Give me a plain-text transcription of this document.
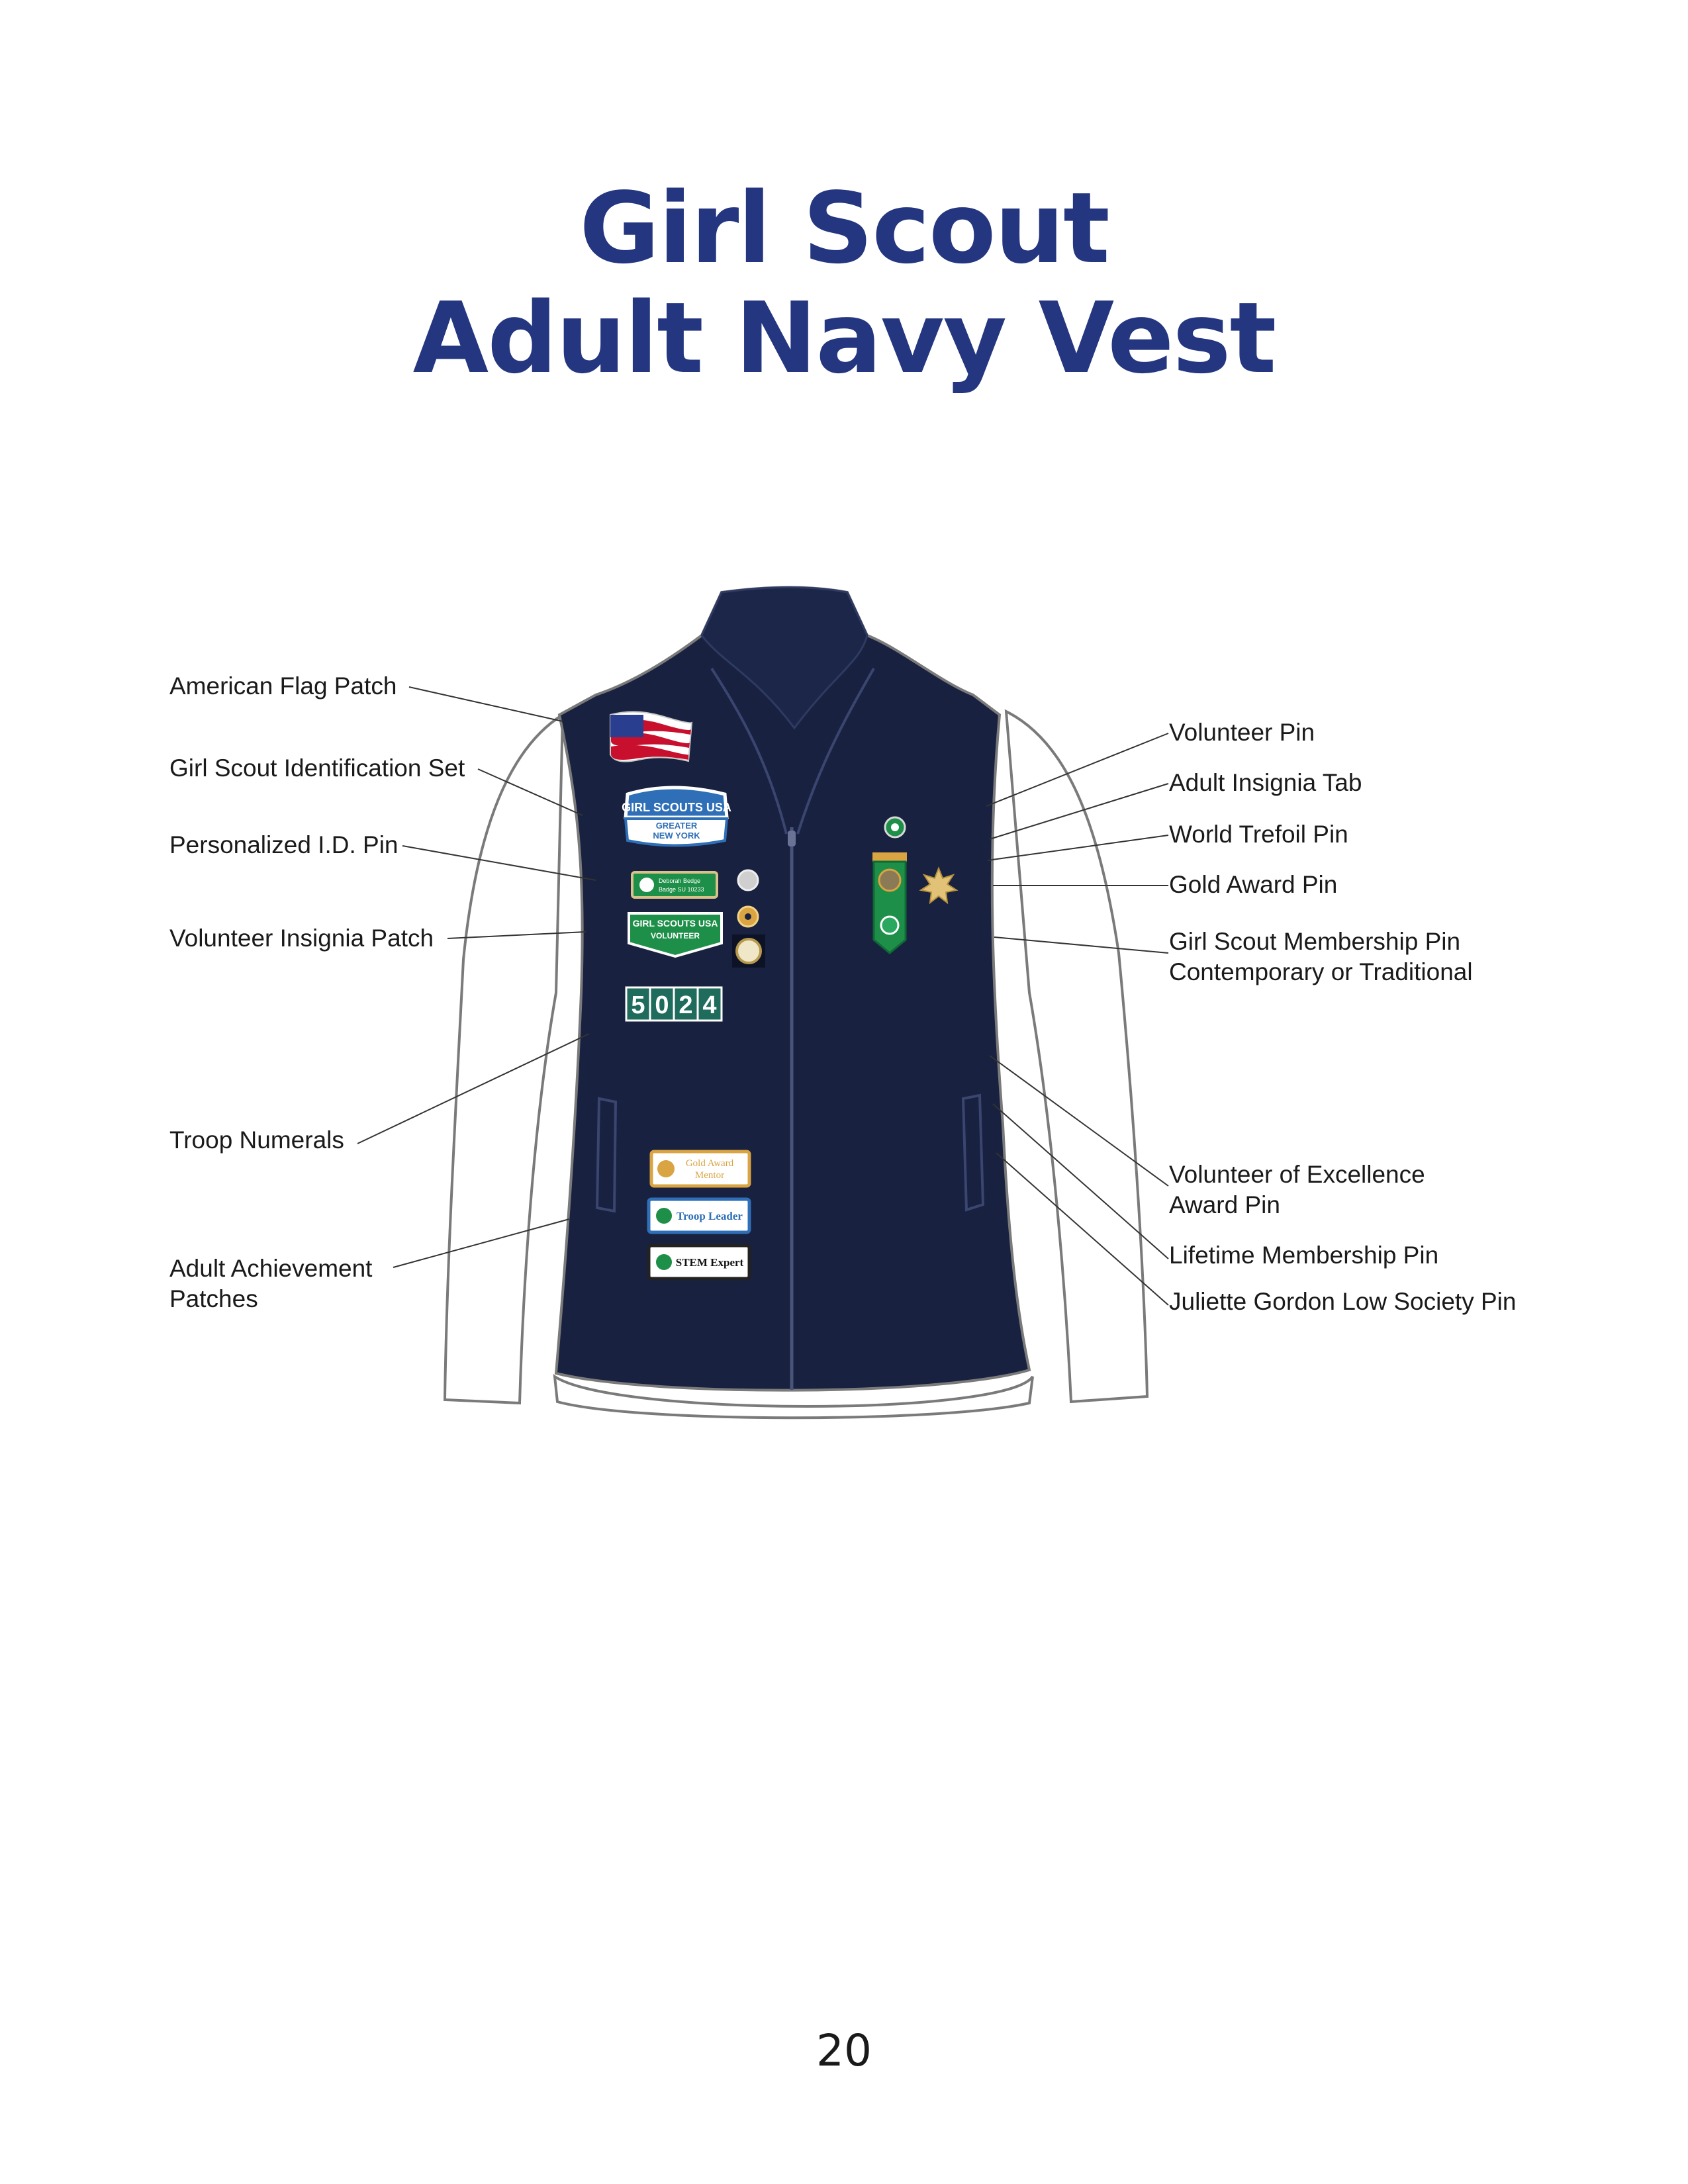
Girl Scout
Adult Navy Vest
GIRL SCOUTS USA
GREATER
NEW YORK
Deborah Bedge
Badge SU 10233
GIRL SCOUTS USA
VOLUNTEER
5 0 2 4
Gold Award
Mentor
Troop Leader
STEM Expert
American Flag Patch
Girl Scout Identification Set
Personalized I.D. Pin
Volunteer Insignia Patch
Troop Numerals
Adult Achievement
Patches
Volunteer Pin
Adult Insignia Tab
World Trefoil Pin
Gold Award Pin
Girl Scout Membership Pin
Contemporary or Traditional
Volunteer of Excellence
Award Pin
Lifetime Membership Pin
Juliette Gordon Low Society Pin
20
